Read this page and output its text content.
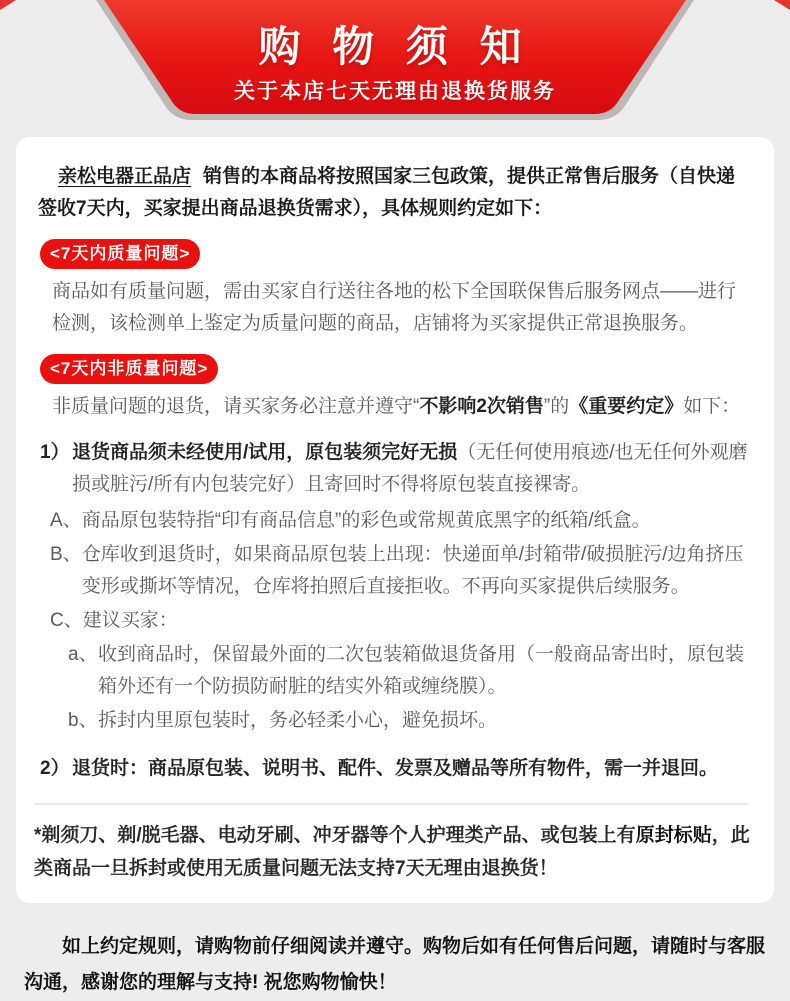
购 物 须 知
关于本店七天无理由退换货服务

亲松电器正品店 销售的本商品将按照国家三包政策，提供正常售后服务（自快递签收7天内，买家提出商品退换货需求），具体规则约定如下：

<7天内质量问题>

商品如有质量问题，需由买家自行送往各地的松下全国联保售后服务网点——进行检测，该检测单上鉴定为质量问题的商品，店铺将为买家提供正常退换服务。

<7天内非质量问题>

非质量问题的退货，请买家务必注意并遵守“不影响2次销售”的《重要约定》如下：

1） 退货商品须未经使用/试用，原包装须完好无损（无任何使用痕迹/也无任何外观磨损或脏污/所有内包装完好）且寄回时不得将原包装直接裸寄。
A、 商品原包装特指“印有商品信息”的彩色或常规黄底黑字的纸箱/纸盒。
B、 仓库收到退货时，如果商品原包装上出现：快递面单/封箱带/破损脏污/边角挤压变形或撕坏等情况，仓库将拍照后直接拒收。不再向买家提供后续服务。
C、 建议买家：
a、 收到商品时，保留最外面的二次包装箱做退货备用（一般商品寄出时，原包装箱外还有一个防损防耐脏的结实外箱或缠绕膜）。
b、 拆封内里原包装时，务必轻柔小心，避免损坏。
2） 退货时：商品原包装、说明书、配件、发票及赠品等所有物件，需一并退回。

*剃须刀、剃/脱毛器、电动牙刷、冲牙器等个人护理类产品、或包装上有原封标贴，此类商品一旦拆封或使用无质量问题无法支持7天无理由退换货！

如上约定规则，请购物前仔细阅读并遵守。购物后如有任何售后问题，请随时与客服沟通，感谢您的理解与支持! 祝您购物愉快！
